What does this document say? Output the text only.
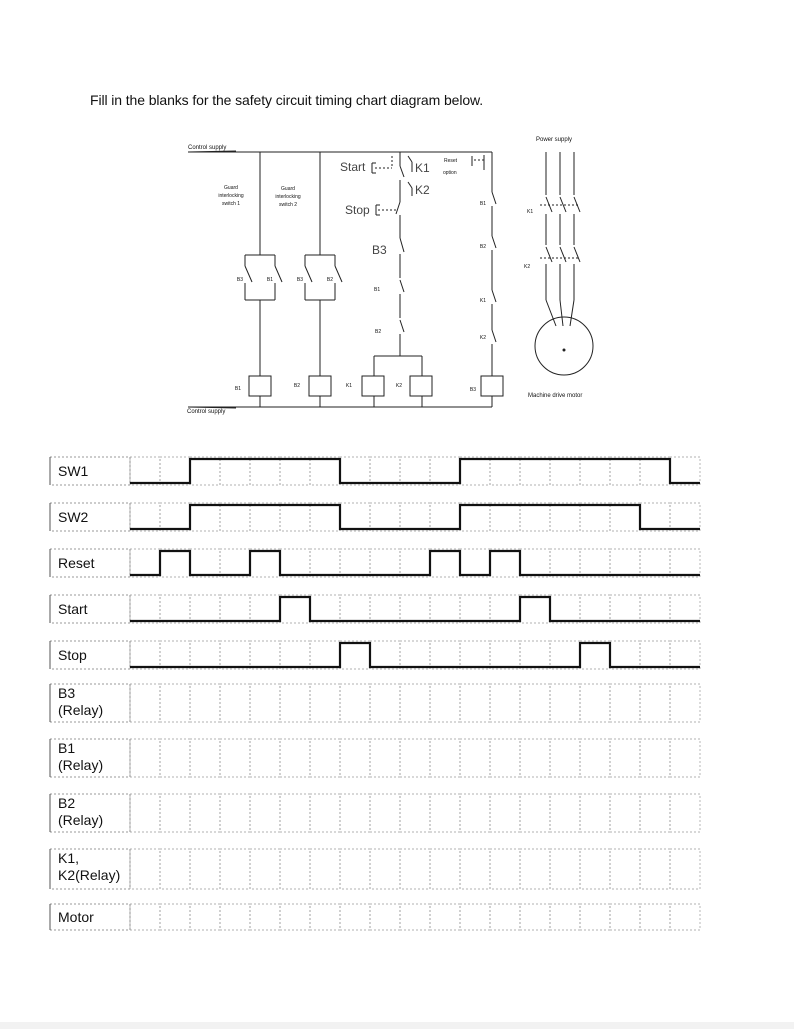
Fill in the blanks for the safety circuit timing chart diagram below.
Control supply
Control supply
Power supply
Guard
interlocking
switch 1
Guard
interlocking
switch 2
Start
Stop
K1
K2
B3
B1
B2
Reset
option
B3	B1	B3	B2
B1	B2	K1	K2
B3
B1
B2
K1
K2
K1
K2
Machine drive motor
SW1
SW2
Reset
Start
Stop
B3
(Relay)
B1
(Relay)
B2
(Relay)
K1,
K2(Relay)
Motor
